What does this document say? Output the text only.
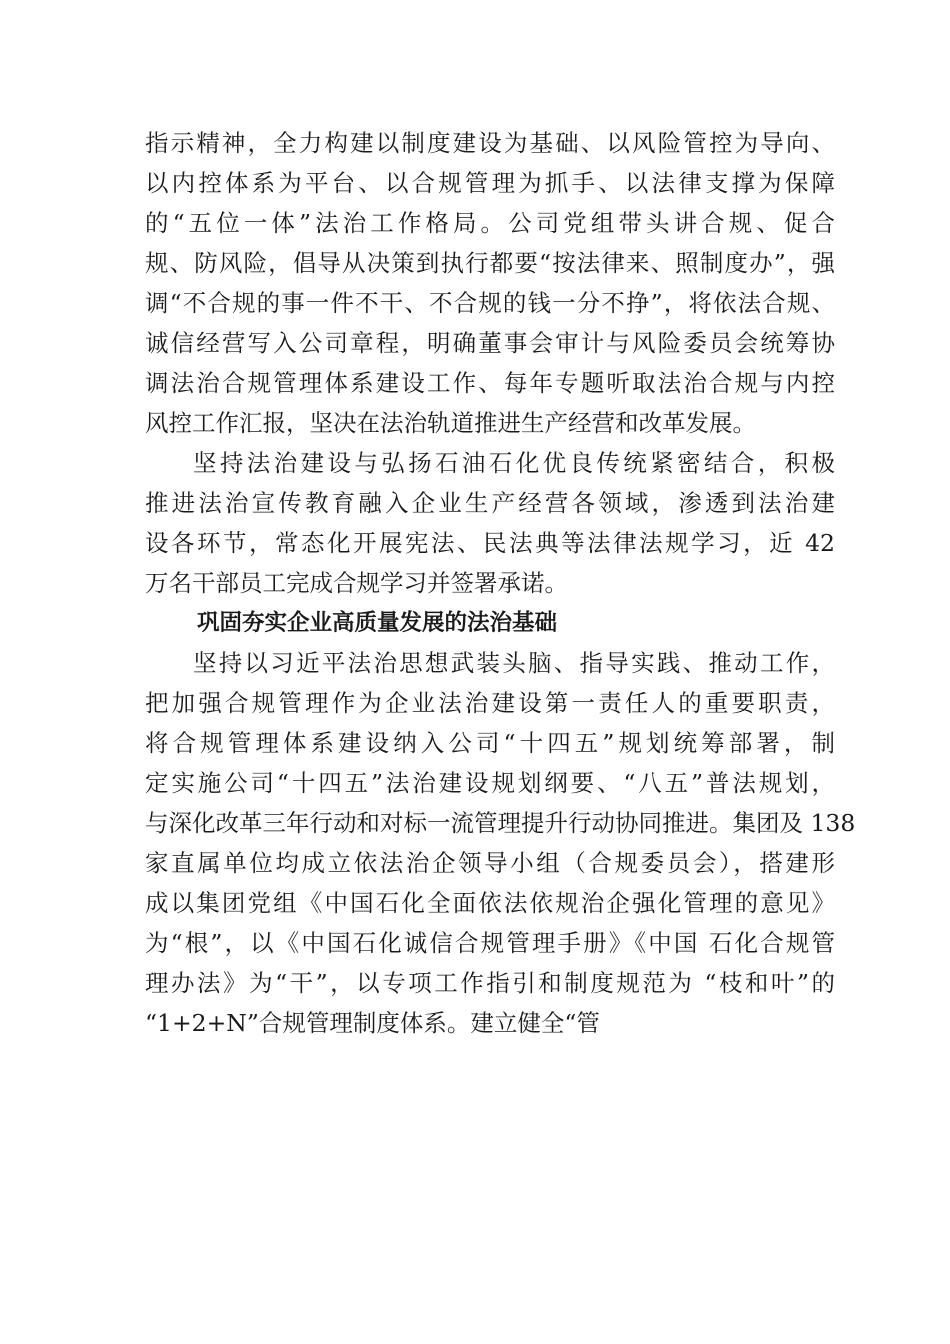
指示精神，全力构建以制度建设为基础、以风险管控为导向、
以内控体系为平台、以合规管理为抓手、以法律支撑为保障
的“五位一体”法治工作格局。公司党组带头讲合规、促合
规、防风险，倡导从决策到执行都要“按法律来、照制度办”，强
调“不合规的事一件不干、不合规的钱一分不挣”，将依法合规、
诚信经营写入公司章程，明确董事会审计与风险委员会统筹协
调法治合规管理体系建设工作、每年专题听取法治合规与内控
风控工作汇报，坚决在法治轨道推进生产经营和改革发展。
坚持法治建设与弘扬石油石化优良传统紧密结合，积极
推进法治宣传教育融入企业生产经营各领域，渗透到法治建
设各环节，常态化开展宪法、民法典等法律法规学习，近 42
万名干部员工完成合规学习并签署承诺。
巩固夯实企业高质量发展的法治基础
坚持以习近平法治思想武装头脑、指导实践、推动工作，
把加强合规管理作为企业法治建设第一责任人的重要职责，
将合规管理体系建设纳入公司“十四五”规划统筹部署，制
定实施公司“十四五”法治建设规划纲要、“八五”普法规划，
与深化改革三年行动和对标一流管理提升行动协同推进。集团及 138
家直属单位均成立依法治企领导小组（合规委员会），搭建形
成以集团党组《中国石化全面依法依规治企强化管理的意见》
为“根”，以《中国石化诚信合规管理手册》《中国 石化合规管
理办法》为“干”，以专项工作指引和制度规范为 “枝和叶”的
“1+2+N”合规管理制度体系。建立健全“管
